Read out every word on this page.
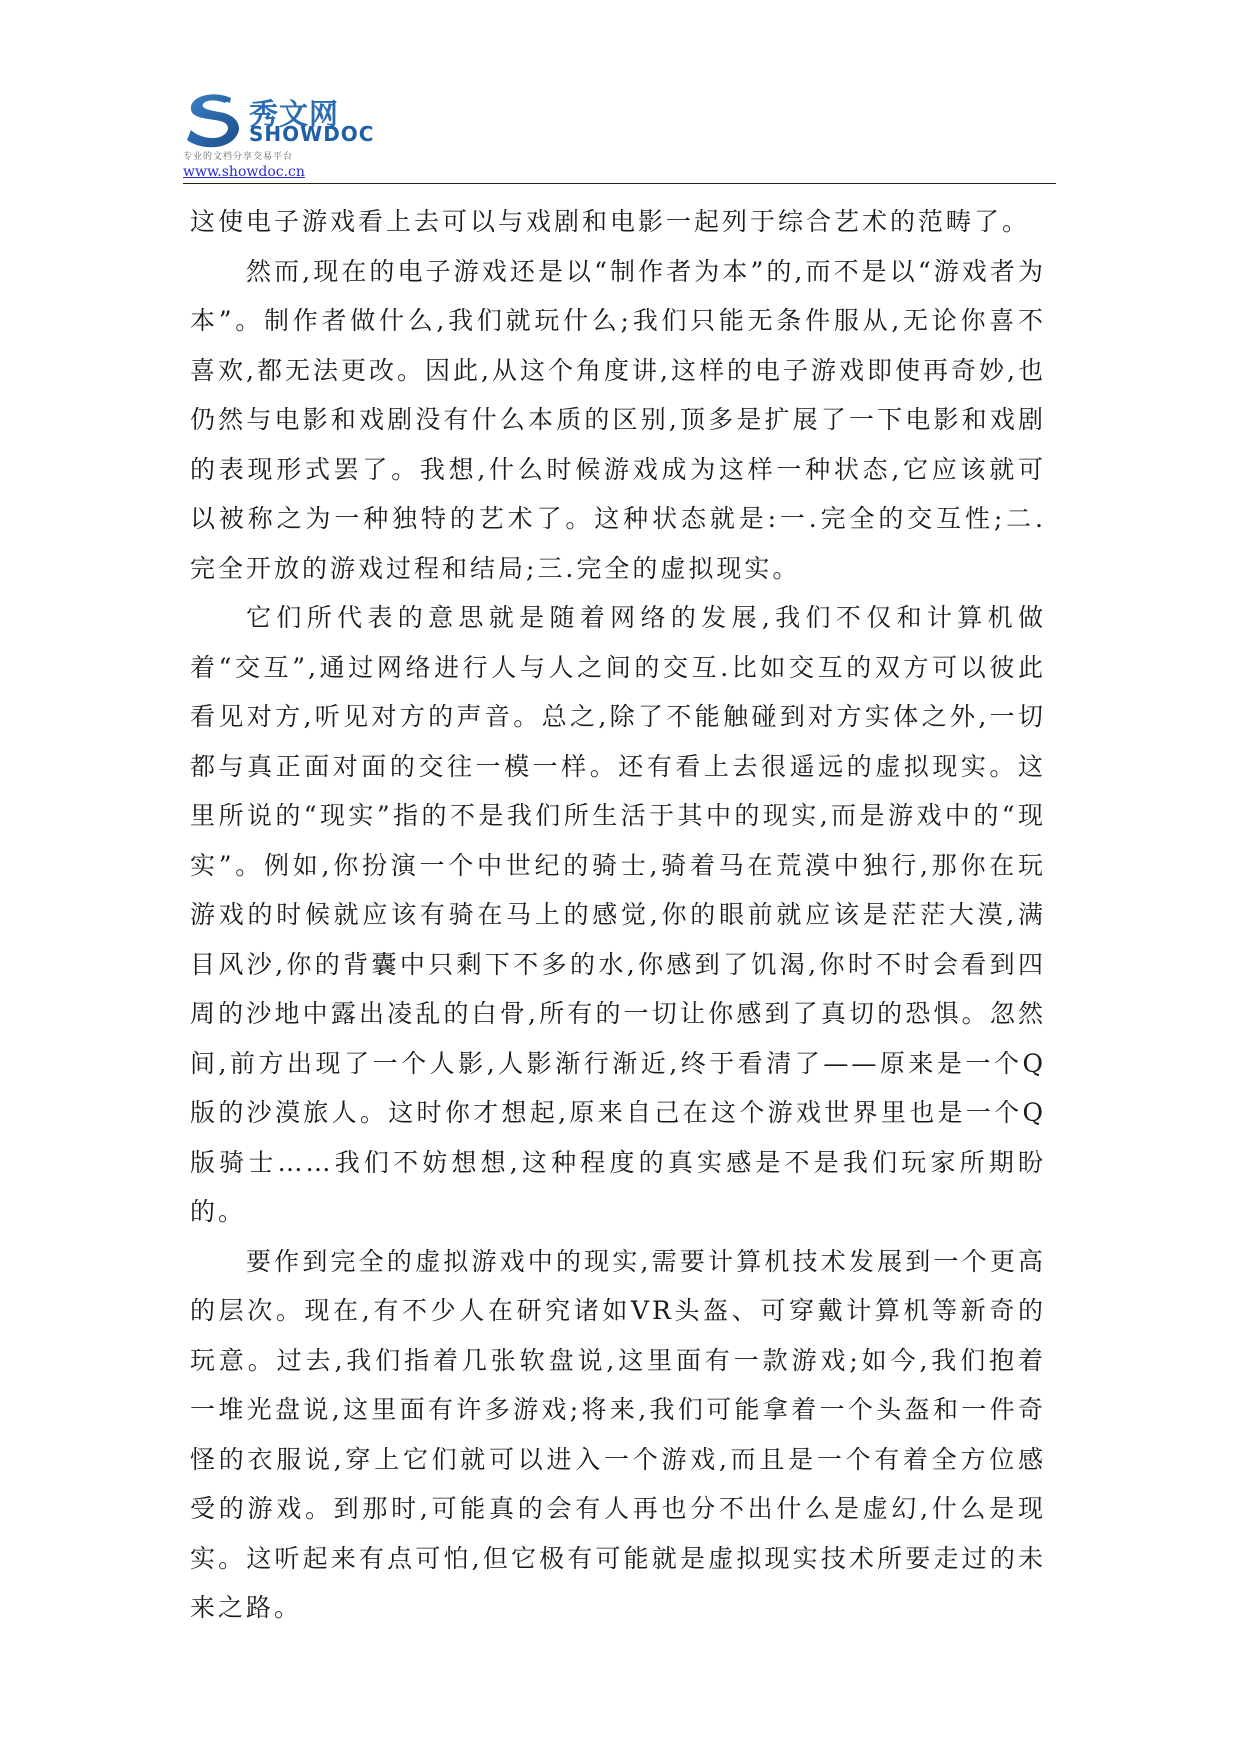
秀文网
SHOWDOC
专业的文档分享交易平台
www.showdoc.cn

这使电子游戏看上去可以与戏剧和电影一起列于综合艺术的范畴了。

然而,现在的电子游戏还是以“制作者为本”的,而不是以“游戏者为本”。制作者做什么,我们就玩什么;我们只能无条件服从,无论你喜不喜欢,都无法更改。因此,从这个角度讲,这样的电子游戏即使再奇妙,也仍然与电影和戏剧没有什么本质的区别,顶多是扩展了一下电影和戏剧的表现形式罢了。我想,什么时候游戏成为这样一种状态,它应该就可以被称之为一种独特的艺术了。这种状态就是:一.完全的交互性;二.完全开放的游戏过程和结局;三.完全的虚拟现实。

它们所代表的意思就是随着网络的发展,我们不仅和计算机做着“交互”,通过网络进行人与人之间的交互.比如交互的双方可以彼此看见对方,听见对方的声音。总之,除了不能触碰到对方实体之外,一切都与真正面对面的交往一模一样。还有看上去很遥远的虚拟现实。这里所说的“现实”指的不是我们所生活于其中的现实,而是游戏中的“现实”。例如,你扮演一个中世纪的骑士,骑着马在荒漠中独行,那你在玩游戏的时候就应该有骑在马上的感觉,你的眼前就应该是茫茫大漠,满目风沙,你的背囊中只剩下不多的水,你感到了饥渴,你时不时会看到四周的沙地中露出凌乱的白骨,所有的一切让你感到了真切的恐惧。忽然间,前方出现了一个人影,人影渐行渐近,终于看清了——原来是一个Q版的沙漠旅人。这时你才想起,原来自己在这个游戏世界里也是一个Q版骑士……我们不妨想想,这种程度的真实感是不是我们玩家所期盼的。

要作到完全的虚拟游戏中的现实,需要计算机技术发展到一个更高的层次。现在,有不少人在研究诸如VR头盔、可穿戴计算机等新奇的玩意。过去,我们指着几张软盘说,这里面有一款游戏;如今,我们抱着一堆光盘说,这里面有许多游戏;将来,我们可能拿着一个头盔和一件奇怪的衣服说,穿上它们就可以进入一个游戏,而且是一个有着全方位感受的游戏。到那时,可能真的会有人再也分不出什么是虚幻,什么是现实。这听起来有点可怕,但它极有可能就是虚拟现实技术所要走过的未来之路。
